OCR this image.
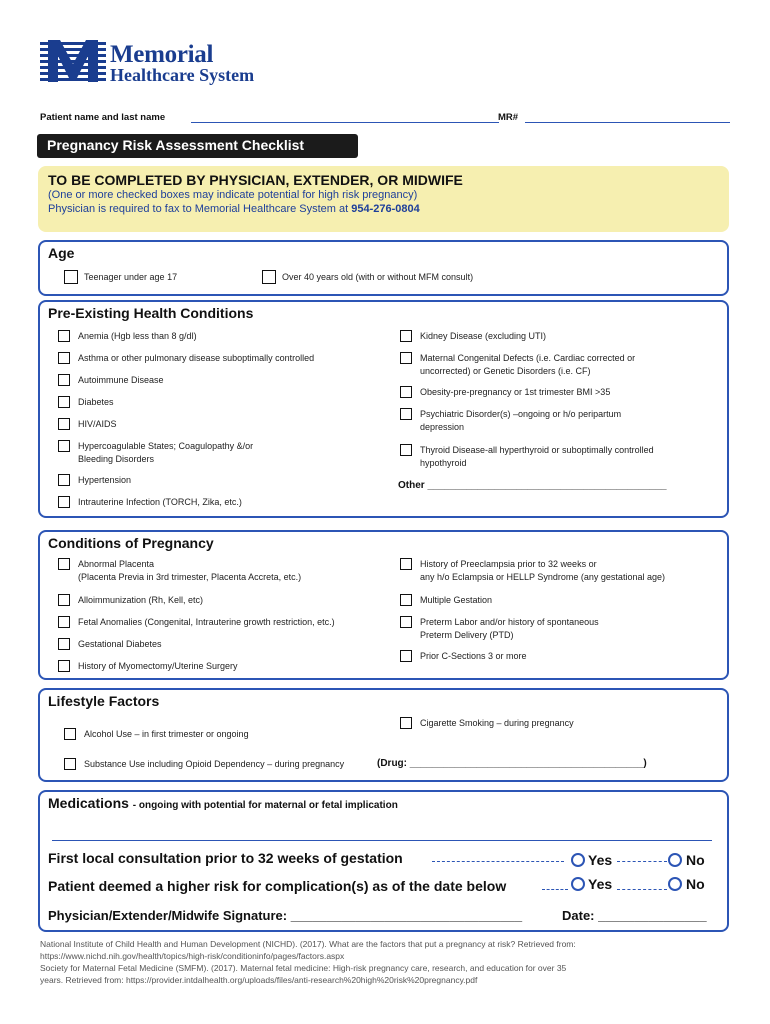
Memorial
Healthcare System
Patient name and last name	MR#
Pregnancy Risk Assessment Checklist
TO BE COMPLETED BY PHYSICIAN, EXTENDER, OR MIDWIFE
(One or more checked boxes may indicate potential for high risk pregnancy)
Physician is required to fax to Memorial Healthcare System at 954-276-0804
Age
Teenager under age 17	Over 40 years old (with or without MFM consult)
Pre-Existing Health Conditions
Anemia (Hgb less than 8 g/dl)
Asthma or other pulmonary disease suboptimally controlled
Autoimmune Disease
Diabetes
HIV/AIDS
Hypercoagulable States; Coagulopathy &/or
Bleeding Disorders
Hypertension
Intrauterine Infection (TORCH, Zika, etc.)
Kidney Disease (excluding UTI)
Maternal Congenital Defects (i.e. Cardiac corrected or
uncorrected) or Genetic Disorders (i.e. CF)
Obesity-pre-pregnancy or 1st trimester BMI >35
Psychiatric Disorder(s) –ongoing or h/o peripartum
depression
Thyroid Disease-all hyperthyroid or suboptimally controlled
hypothyroid
Other ___________________________________________
Conditions of Pregnancy
Abnormal Placenta
(Placenta Previa in 3rd trimester, Placenta Accreta, etc.)
Alloimmunization (Rh, Kell, etc)
Fetal Anomalies (Congenital, Intrauterine growth restriction, etc.)
Gestational Diabetes
History of Myomectomy/Uterine Surgery
History of Preeclampsia prior to 32 weeks or
any h/o Eclampsia or HELLP Syndrome (any gestational age)
Multiple Gestation
Preterm Labor and/or history of spontaneous
Preterm Delivery (PTD)
Prior C-Sections 3 or more
Lifestyle Factors
Alcohol Use – in first trimester or ongoing
Cigarette Smoking – during pregnancy
Substance Use including Opioid Dependency – during pregnancy	(Drug: __________________________________________)
Medications - ongoing with potential for maternal or fetal implication
First local consultation prior to 32 weeks of gestation	Yes	No
Patient deemed a higher risk for complication(s) as of the date below	Yes	No
Physician/Extender/Midwife Signature: ________________________________	Date: _______________
National Institute of Child Health and Human Development (NICHD). (2017). What are the factors that put a pregnancy at risk? Retrieved from:
https://www.nichd.nih.gov/health/topics/high-risk/conditioninfo/pages/factors.aspx
Society for Maternal Fetal Medicine (SMFM). (2017). Maternal fetal medicine: High-risk pregnancy care, research, and education for over 35
years. Retrieved from: https://provider.intdalhealth.org/uploads/files/anti-research%20high%20risk%20pregnancy.pdf
